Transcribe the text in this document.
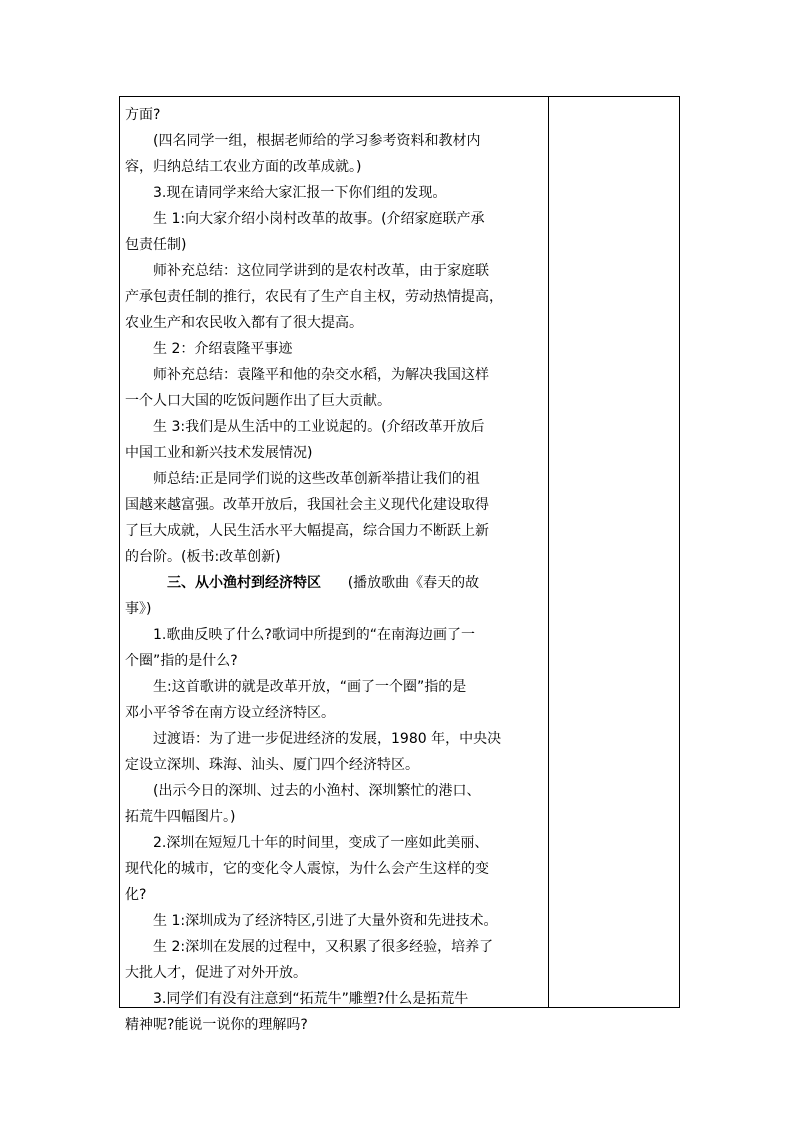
方面?

(四名同学一组，根据老师给的学习参考资料和教材内

容，归纳总结工农业方面的改革成就。)

3.现在请同学来给大家汇报一下你们组的发现。

生 1:向大家介绍小岗村改革的故事。(介绍家庭联产承

包责任制)

师补充总结：这位同学讲到的是农村改革，由于家庭联

产承包责任制的推行，农民有了生产自主权，劳动热情提高，

农业生产和农民收入都有了很大提高。

生 2：介绍袁隆平事迹

师补充总结：袁隆平和他的杂交水稻，为解决我国这样

一个人口大国的吃饭问题作出了巨大贡献。

生 3:我们是从生活中的工业说起的。(介绍改革开放后

中国工业和新兴技术发展情况)

师总结:正是同学们说的这些改革创新举措让我们的祖

国越来越富强。改革开放后，我国社会主义现代化建设取得

了巨大成就，人民生活水平大幅提高，综合国力不断跃上新

的台阶。(板书:改革创新)

三、从小渔村到经济特区      (播放歌曲《春天的故

事》)

1.歌曲反映了什么?歌词中所提到的“在南海边画了一

个圈”指的是什么?

生:这首歌讲的就是改革开放，“画了一个圈”指的是

邓小平爷爷在南方设立经济特区。

过渡语：为了进一步促进经济的发展，1980 年，中央决

定设立深圳、珠海、汕头、厦门四个经济特区。

(出示今日的深圳、过去的小渔村、深圳繁忙的港口、

拓荒牛四幅图片。)

2.深圳在短短几十年的时间里，变成了一座如此美丽、

现代化的城市，它的变化令人震惊，为什么会产生这样的变

化?

生 1:深圳成为了经济特区,引进了大量外资和先进技术。

生 2:深圳在发展的过程中，又积累了很多经验，培养了

大批人才，促进了对外开放。

3.同学们有没有注意到“拓荒牛”雕塑?什么是拓荒牛

精神呢?能说一说你的理解吗?
